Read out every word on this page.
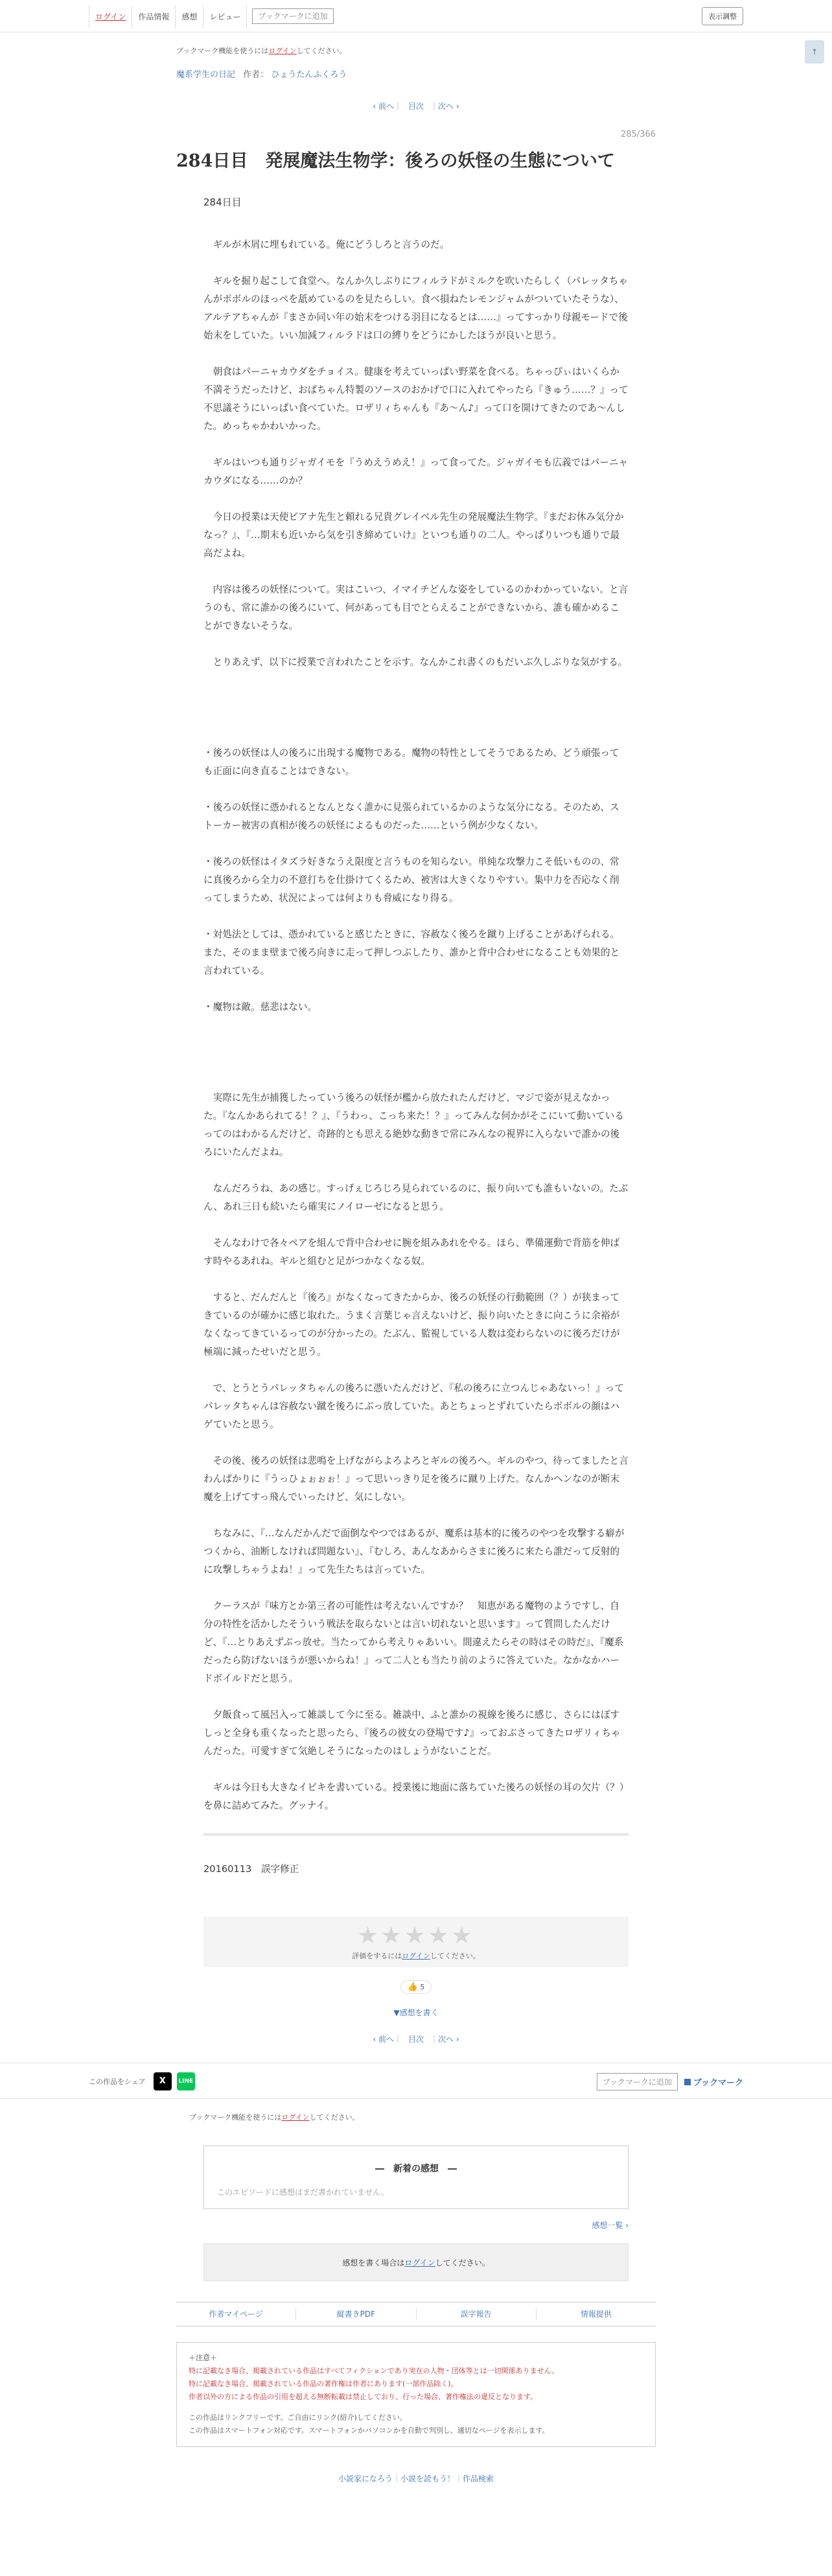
ログイン	作品情報	感想	レビュー	ブックマークに追加	表示調整
↑
ブックマーク機能を使うにはログインしてください。
魔系学生の日記 作者： ひょうたんふくろう
‹ 前へ｜ 目次 ｜次へ ›
285/366
284日目　発展魔法生物学：後ろの妖怪の生態について
284日目

　ギルが木屑に埋もれている。俺にどうしろと言うのだ。

　ギルを掘り起こして食堂へ。なんか久しぶりにフィルラドがミルクを吹いたらしく（パレッタちゃんがポボルのほっぺを舐めているのを見たらしい。食べ損ねたレモンジャムがついていたそうな）、アルテアちゃんが『まさか同い年の始末をつける羽目になるとは……』ってすっかり母親モードで後始末をしていた。いい加減フィルラドは口の縛りをどうにかしたほうが良いと思う。

　朝食はパーニャカウダをチョイス。健康を考えていっぱい野菜を食べる。ちゃっぴぃはいくらか不満そうだったけど、おばちゃん特製のソースのおかげで口に入れてやったら『きゅう……？』って不思議そうにいっぱい食べていた。ロザリィちゃんも『あ〜ん♪』って口を開けてきたのであ〜んした。めっちゃかわいかった。

　ギルはいつも通りジャガイモを『うめえうめえ！』って食ってた。ジャガイモも広義ではパーニャカウダになる……のか？

　今日の授業は天使ピアナ先生と頼れる兄貴グレイベル先生の発展魔法生物学。『まだお休み気分かなっ？』、『…期末も近いから気を引き締めていけ』といつも通りの二人。やっぱりいつも通りで最高だよね。

　内容は後ろの妖怪について。実はこいつ、イマイチどんな姿をしているのかわかっていない。と言うのも、常に誰かの後ろにいて、何があっても目でとらえることができないから、誰も確かめることができないそうな。

　とりあえず、以下に授業で言われたことを示す。なんかこれ書くのもだいぶ久しぶりな気がする。

・後ろの妖怪は人の後ろに出現する魔物である。魔物の特性としてそうであるため、どう頑張っても正面に向き直ることはできない。

・後ろの妖怪に憑かれるとなんとなく誰かに見張られているかのような気分になる。そのため、ストーカー被害の真相が後ろの妖怪によるものだった……という例が少なくない。

・後ろの妖怪はイタズラ好きなうえ限度と言うものを知らない。単純な攻撃力こそ低いものの、常に真後ろから全力の不意打ちを仕掛けてくるため、被害は大きくなりやすい。集中力を否応なく削ってしまうため、状況によっては何よりも脅威になり得る。

・対処法としては、憑かれていると感じたときに、容赦なく後ろを蹴り上げることがあげられる。また、そのまま壁まで後ろ向きに走って押しつぶしたり、誰かと背中合わせになることも効果的と言われている。

・魔物は敵。慈悲はない。

　実際に先生が捕獲したっていう後ろの妖怪が檻から放たれたんだけど、マジで姿が見えなかった。『なんかあられてる！？』、『うわっ、こっち来た！？』ってみんな何かがそこにいて動いているってのはわかるんだけど、奇跡的とも思える絶妙な動きで常にみんなの視界に入らないで誰かの後ろにいたんだよね。

　なんだろうね、あの感じ。すっげぇじろじろ見られているのに、振り向いても誰もいないの。たぶん、あれ三日も続いたら確実にノイローゼになると思う。

　そんなわけで各々ペアを組んで背中合わせに腕を組みあれをやる。ほら、準備運動で背筋を伸ばす時やるあれね。ギルと組むと足がつかなくなる奴。

　すると、だんだんと『後ろ』がなくなってきたからか、後ろの妖怪の行動範囲（？）が狭まってきているのが確かに感じ取れた。うまく言葉じゃ言えないけど、振り向いたときに向こうに余裕がなくなってきているってのが分かったの。たぶん、監視している人数は変わらないのに後ろだけが極端に減ったせいだと思う。

　で、とうとうパレッタちゃんの後ろに憑いたんだけど、『私の後ろに立つんじゃあないっ！』ってパレッタちゃんは容赦ない蹴を後ろにぶっ放していた。あとちょっとずれていたらポボルの顔はハゲていたと思う。

　その後、後ろの妖怪は悲鳴を上げながらよろよろとギルの後ろへ。ギルのやつ、待ってましたと言わんばかりに『うっひょぉぉぉ！』って思いっきり足を後ろに蹴り上げた。なんかヘンなのが断末魔を上げてすっ飛んでいったけど、気にしない。

　ちなみに、『…なんだかんだで面倒なやつではあるが、魔系は基本的に後ろのやつを攻撃する癖がつくから、油断しなければ問題ない』、『むしろ、あんなあからさまに後ろに来たら誰だって反射的に攻撃しちゃうよね！』って先生たちは言っていた。

　クーラスが『味方とか第三者の可能性は考えないんですか？　知恵がある魔物のようですし、自分の特性を活かしたそういう戦法を取らないとは言い切れないと思います』って質問したんだけど、『…とりあえずぶっ放せ。当たってから考えりゃあいい。間違えたらその時はその時だ』、『魔系だったら防げないほうが悪いからね！』って二人とも当たり前のように答えていた。なかなかハードボイルドだと思う。

　夕飯食って風呂入って雑談して今に至る。雑談中、ふと誰かの視線を後ろに感じ、さらにはぽすしっと全身も重くなったと思ったら、『後ろの彼女の登場です♪』っておぶさってきたロザリィちゃんだった。可愛すぎて気絶しそうになったのはしょうがないことだ。

　ギルは今日も大きなイビキを書いている。授業後に地面に落ちていた後ろの妖怪の耳の欠片（？）を鼻に詰めてみた。グッナイ。

20160113　誤字修正
★★★★★
評価をするにはログインしてください。
👍 5
▼感想を書く
‹ 前へ｜ 目次 ｜次へ ›
この作品をシェア	X	LINE	ブックマークに追加	ブックマーク
ブックマーク機能を使うにはログインしてください。
―　新着の感想　―
このエピソードに感想はまだ書かれていません。
感想一覧 ›
感想を書く場合はログインしてください。
作者マイページ	縦書きPDF	誤字報告	情報提供
＋注意＋
特に記載なき場合、掲載されている作品はすべてフィクションであり実在の人物・団体等とは一切関係ありません。
特に記載なき場合、掲載されている作品の著作権は作者にあります(一部作品除く)。
作者以外の方による作品の引用を超える無断転載は禁止しており、行った場合、著作権法の違反となります。
この作品はリンクフリーです。ご自由にリンク(紹介)してください。
この作品はスマートフォン対応です。スマートフォンかパソコンかを自動で判別し、適切なページを表示します。
小説家になろう｜小説を読もう！｜作品検索
